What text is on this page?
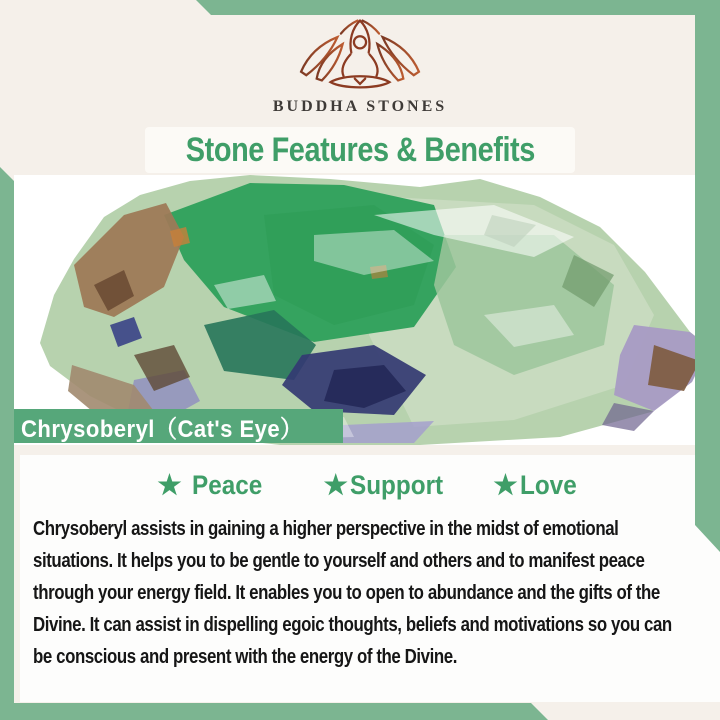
BUDDHA STONES
Stone Features & Benefits
Chrysoberyl（Cat's Eye）
★ Peace ★ Support ★ Love
Chrysoberyl assists in gaining a higher perspective in the midst of emotional situations. It helps you to be gentle to yourself and others and to manifest peace through your energy field. It enables you to open to abundance and the gifts of the Divine. It can assist in dispelling egoic thoughts, beliefs and motivations so you can be conscious and present with the energy of the Divine.
